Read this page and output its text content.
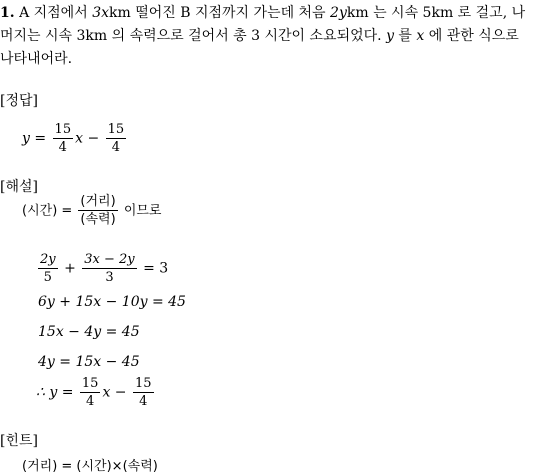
1. A 지점에서 3xkm 떨어진 B 지점까지 가는데 처음 2ykm 는 시속 5km 로 걸고, 나머지는 시속 3km 의 속력으로 걸어서 총 3 시간이 소요되었다. y 를 x 에 관한 식으로 나타내어라.
[정답]
$y = \frac{15}{4}$ $x - \frac{15}{4}$
[해설]
(시간) = $\frac{\text{(거리)}}{\text{(속력)}}$ 이므로
$\frac{2y}{5} + \frac{3x - 2y}{3} = 3$
6y + 15x − 10y = 45
15x − 4y = 45
4y = 15x − 45
∴ $y = \frac{15}{4}$ $x - \frac{15}{4}$
[힌트]
(거리) = (시간)×(속력)
